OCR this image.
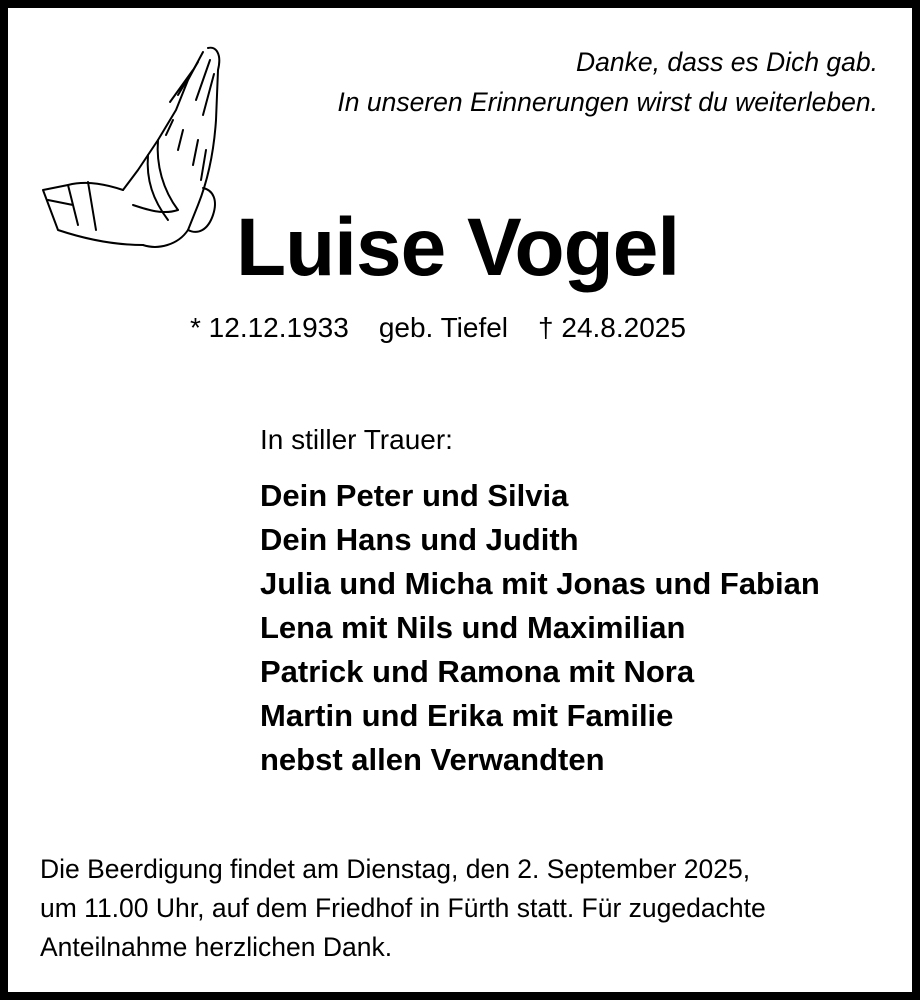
Danke, dass es Dich gab.
In unseren Erinnerungen wirst du weiterleben.
Luise Vogel
* 12.12.1933 geb. Tiefel † 24.8.2025
In stiller Trauer:
Dein Peter und Silvia
Dein Hans und Judith
Julia und Micha mit Jonas und Fabian
Lena mit Nils und Maximilian
Patrick und Ramona mit Nora
Martin und Erika mit Familie
nebst allen Verwandten
Die Beerdigung findet am Dienstag, den 2. September 2025,
um 11.00 Uhr, auf dem Friedhof in Fürth statt. Für zugedachte
Anteilnahme herzlichen Dank.
